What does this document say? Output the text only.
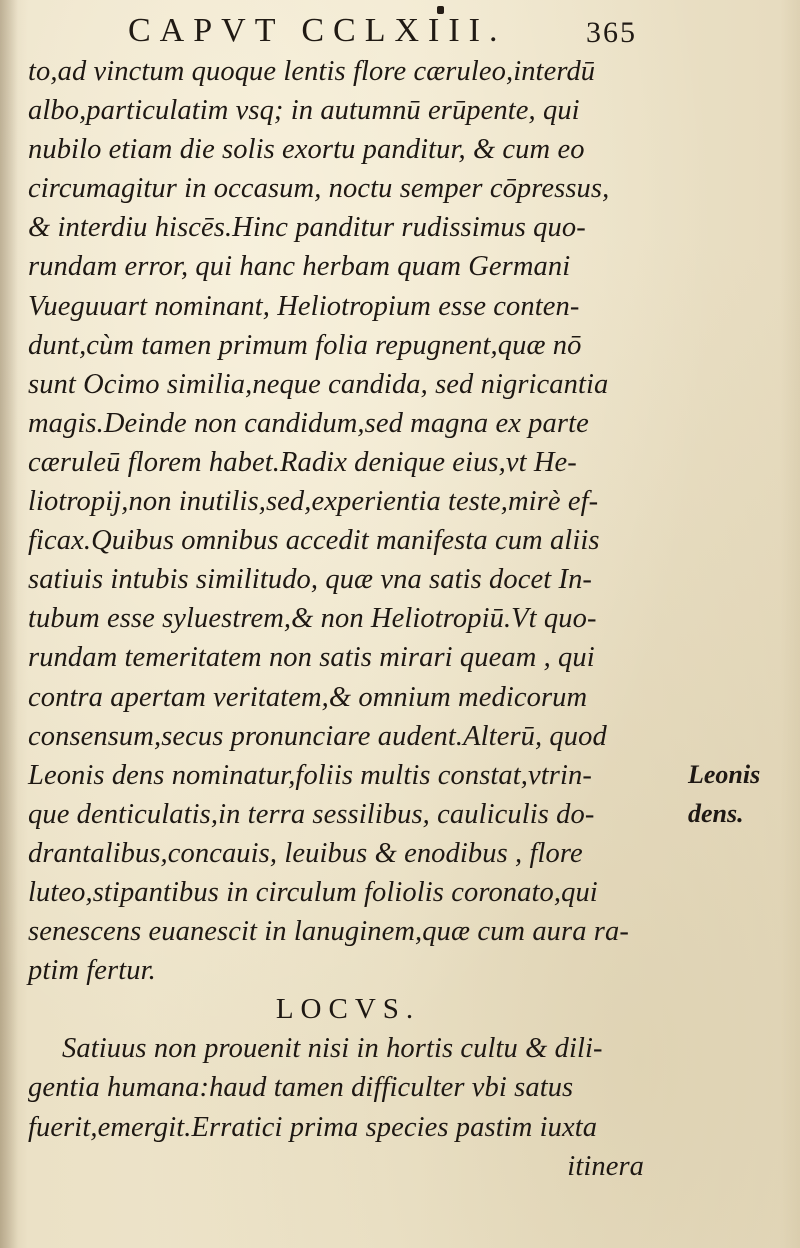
CAPVT CCLXIII.	365
to,ad vinctum quoque lentis flore cæruleo,interdū
albo,particulatim vsq; in autumnū erūpente, qui
nubilo etiam die solis exortu panditur, & cum eo
circumagitur in occasum, noctu semper cōpressus,
& interdiu hiscēs.Hinc panditur rudissimus quo-
rundam error, qui hanc herbam quam Germani
Vueguuart nominant, Heliotropium esse conten-
dunt,cùm tamen primum folia repugnent,quæ nō
sunt Ocimo similia,neque candida, sed nigricantia
magis.Deinde non candidum,sed magna ex parte
cæruleū florem habet.Radix denique eius,vt He-
liotropij,non inutilis,sed,experientia teste,mirè ef-
ficax.Quibus omnibus accedit manifesta cum aliis
satiuis intubis similitudo, quæ vna satis docet In-
tubum esse syluestrem,& non Heliotropiū.Vt quo-
rundam temeritatem non satis mirari queam , qui
contra apertam veritatem,& omnium medicorum
consensum,secus pronunciare audent.Alterū, quod
Leonis dens nominatur,foliis multis constat,vtrin-
que denticulatis,in terra sessilibus, cauliculis do-
drantalibus,concauis, leuibus & enodibus , flore
luteo,stipantibus in circulum foliolis coronato,qui
senescens euanescit in lanuginem,quæ cum aura ra-
ptim fertur.
LOCVS.
Satiuus non prouenit nisi in hortis cultu & dili-
gentia humana:haud tamen difficulter vbi satus
fuerit,emergit.Erratici prima species pastim iuxta
itinera
Leonis
dens.
